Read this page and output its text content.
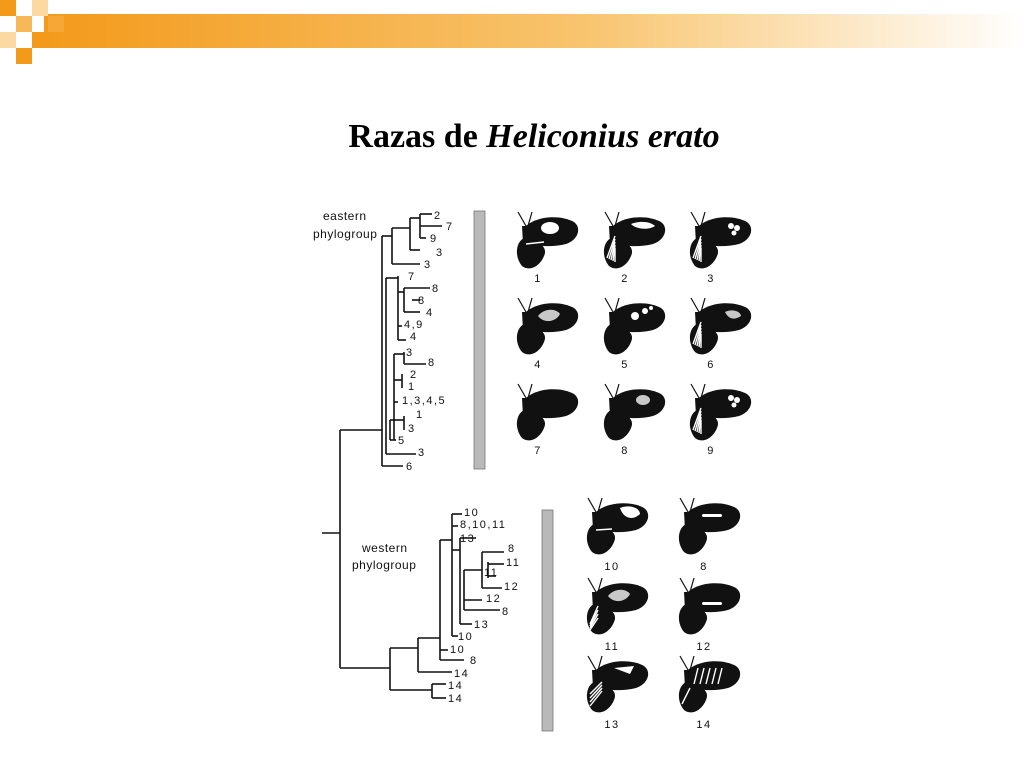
Razas de Heliconius erato
2
7
9
3
3
7
8
8
4
4,9
4
3
8
2
1
1,3,4,5
1
3
5
3
6
10
8,10,11
13
8
11
11
12
12
8
13
10
10
8
14
14
14
eastern
phylogroup
western
phylogroup
1	2	3
4	5	6
7	8	9
10	8
11	12
13	14
